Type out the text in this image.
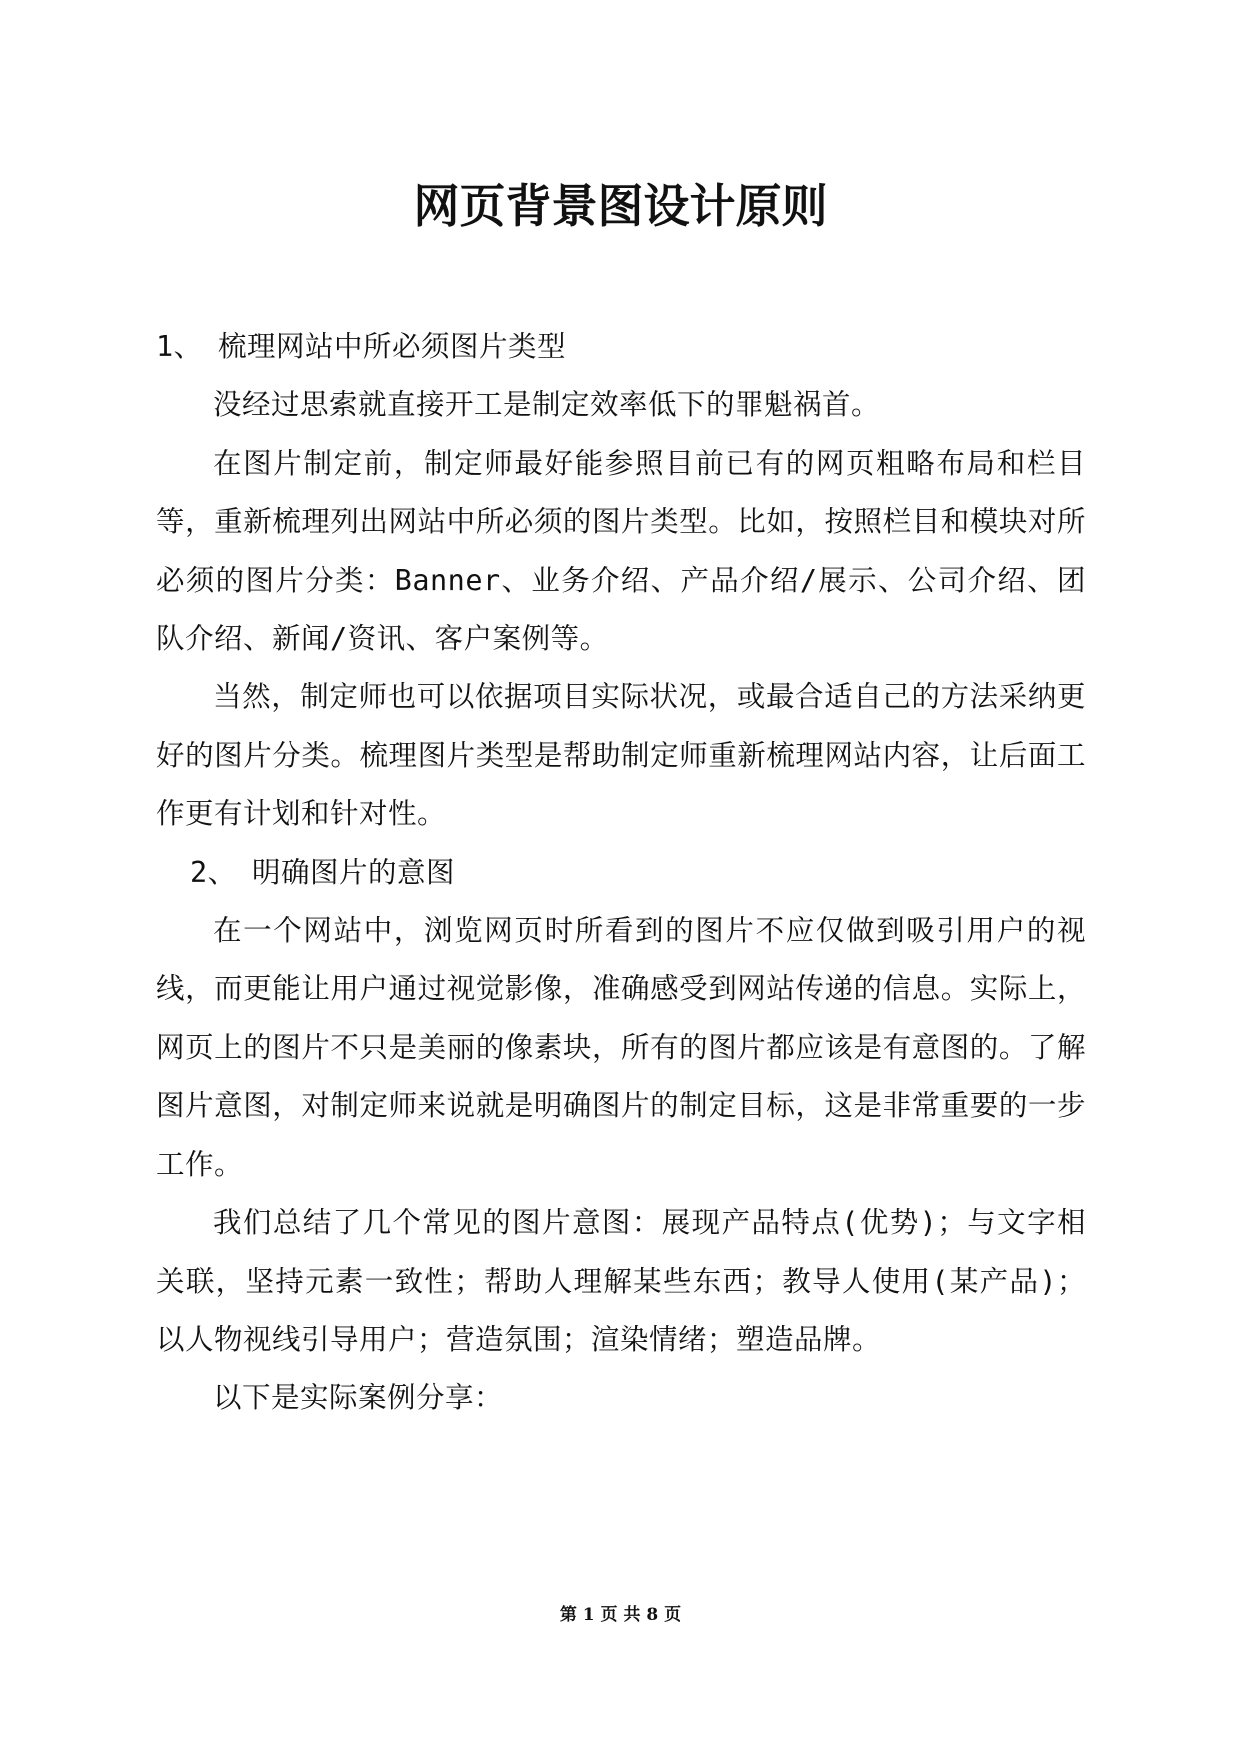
网页背景图设计原则

1、 梳理网站中所必须图片类型

没经过思索就直接开工是制定效率低下的罪魁祸首。

在图片制定前，制定师最好能参照目前已有的网页粗略布局和栏目等，重新梳理列出网站中所必须的图片类型。比如，按照栏目和模块对所必须的图片分类：Banner、业务介绍、产品介绍/展示、公司介绍、团队介绍、新闻/资讯、客户案例等。

当然，制定师也可以依据项目实际状况，或最合适自己的方法采纳更好的图片分类。梳理图片类型是帮助制定师重新梳理网站内容，让后面工作更有计划和针对性。

2、 明确图片的意图

在一个网站中，浏览网页时所看到的图片不应仅做到吸引用户的视线，而更能让用户通过视觉影像，准确感受到网站传递的信息。实际上，网页上的图片不只是美丽的像素块，所有的图片都应该是有意图的。了解图片意图，对制定师来说就是明确图片的制定目标，这是非常重要的一步工作。

我们总结了几个常见的图片意图：展现产品特点(优势)；与文字相关联，坚持元素一致性；帮助人理解某些东西；教导人使用(某产品)；以人物视线引导用户；营造氛围；渲染情绪；塑造品牌。

以下是实际案例分享：

第 1 页 共 8 页
